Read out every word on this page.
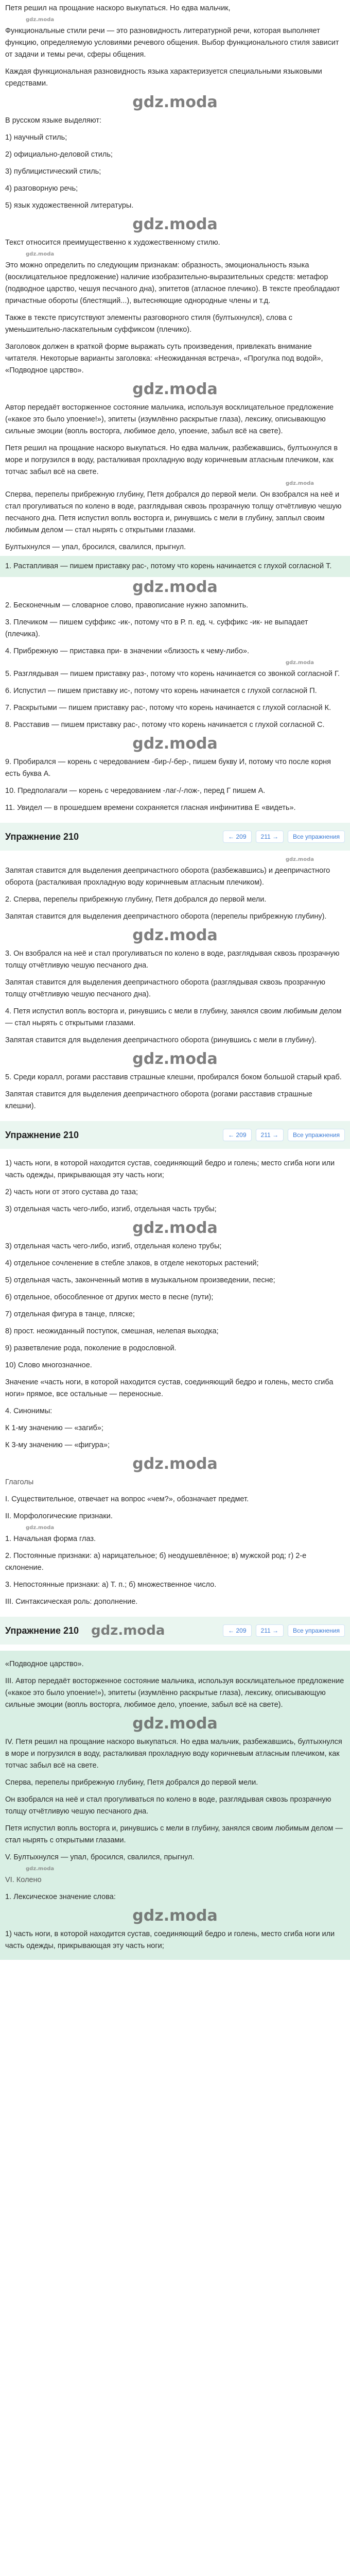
Петя решил на прощание наскоро выкупаться. Но едва мальчик,

gdz.moda

Функциональные стили речи — это разновидность литературной речи, которая выполняет функцию, определяемую условиями речевого общения. Выбор функционального стиля зависит от задачи и темы речи, сферы общения.

Каждая функциональная разновидность языка характеризуется специальными языковыми средствами.

gdz.moda

В русском языке выделяют:

1) научный стиль;

2) официально-деловой стиль;

3) публицистический стиль;

4) разговорную речь;

5) язык художественной литературы.

gdz.moda

Текст относится преимущественно к художественному стилю.

gdz.moda

Это можно определить по следующим признакам: образность, эмоциональность языка (восклицательное предложение) наличие изобразительно-выразительных средств: метафор (подводное царство, чешуя песчаного дна), эпитетов (атласное плечико). В тексте преобладают причастные обороты (блестящий...), вытесняющие однородные члены и т.д.

Также в тексте присутствуют элементы разговорного стиля (бултыхнулся), слова с уменьшительно-ласкательным суффиксом (плечико).

Заголовок должен в краткой форме выражать суть произведения, привлекать внимание читателя. Некоторые варианты заголовка: «Неожиданная встреча», «Прогулка под водой», «Подводное царство».

gdz.moda

Автор передаёт восторженное состояние мальчика, используя восклицательное предложение («какое это было упоение!»), эпитеты (изумлённо раскрытые глаза), лексику, описывающую сильные эмоции (вопль восторга, любимое дело, упоение, забыл всё на свете).

Петя решил на прощание наскоро выкупаться. Но едва мальчик, разбежавшись, бултыхнулся в море и погрузился в воду, расталкивая прохладную воду коричневым атласным плечиком, как тотчас забыл всё на свете.

gdz.moda

Сперва, перепелы прибрежную глубину, Петя добрался до первой мели. Он взобрался на неё и стал прогуливаться по колено в воде, разглядывая сквозь прозрачную толщу отчётливую чешую песчаного дна. Петя испустил вопль восторга и, ринувшись с мели в глубину, заплыл своим любимым делом — стал нырять с открытыми глазами.

Бултыхнулся — упал, бросился, свалился, прыгнул.

1. Растапливая — пишем приставку рас-, потому что корень начинается с глухой согласной Т.

gdz.moda

2. Бесконечным — словарное слово, правописание нужно запомнить.

3. Плечиком — пишем суффикс -ик-, потому что в Р. п. ед. ч. суффикс -ик- не выпадает (плечика).

4. Прибрежную — приставка при- в значении «близость к чему-либо».

gdz.moda

5. Разглядывая — пишем приставку раз-, потому что корень начинается со звонкой согласной Г.

6. Испустил — пишем приставку ис-, потому что корень начинается с глухой согласной П.

7. Раскрытыми — пишем приставку рас-, потому что корень начинается с глухой согласной К.

8. Расставив — пишем приставку рас-, потому что корень начинается с глухой согласной С.

gdz.moda

9. Пробирался — корень с чередованием -бир-/-бер-, пишем букву И, потому что после корня есть буква А.

10. Предполагали — корень с чередованием -лаг-/-лож-, перед Г пишем А.

11. Увидел — в прошедшем времени сохраняется гласная инфинитива Е «видеть».

Упражнение 210	← 209	211 →	Все упражнения
gdz.moda

Запятая ставится для выделения деепричастного оборота (разбежавшись) и деепричастного оборота (расталкивая прохладную воду коричневым атласным плечиком).

2. Сперва, перепелы прибрежную глубину, Петя добрался до первой мели.

Запятая ставится для выделения деепричастного оборота (перепелы прибрежную глубину).

gdz.moda

3. Он взобрался на неё и стал прогуливаться по колено в воде, разглядывая сквозь прозрачную толщу отчётливую чешую песчаного дна.

Запятая ставится для выделения деепричастного оборота (разглядывая сквозь прозрачную толщу отчётливую чешую песчаного дна).

4. Петя испустил вопль восторга и, ринувшись с мели в глубину, занялся своим любимым делом — стал нырять с открытыми глазами.

Запятая ставится для выделения деепричастного оборота (ринувшись с мели в глубину).

gdz.moda

5. Среди коралл, рогами расставив страшные клешни, пробирался боком большой старый краб.

Запятая ставится для выделения деепричастного оборота (рогами расставив страшные клешни).

Упражнение 210	← 209	211 →	Все упражнения

1) часть ноги, в которой находится сустав, соединяющий бедро и голень; место сгиба ноги или часть одежды, прикрывающая эту часть ноги;

2) часть ноги от этого сустава до таза;

3) отдельная часть чего-либо, изгиб, отдельная часть трубы;

gdz.moda

3) отдельная часть чего-либо, изгиб, отдельная колено трубы;

4) отдельное сочленение в стебле злаков, в отделе некоторых растений;

5) отдельная часть, законченный мотив в музыкальном произведении, песне;

6) отдельное, обособленное от других место в песне (пути);

7) отдельная фигура в танце, пляске;

8) прост. неожиданный поступок, смешная, нелепая выходка;

9) разветвление рода, поколение в родословной.

10) Слово многозначное.

Значение «часть ноги, в которой находится сустав, соединяющий бедро и голень, место сгиба ноги» прямое, все остальные — переносные.

4. Синонимы:

К 1-му значению — «загиб»;

К 3-му значению — «фигура»;

gdz.moda

Глаголы

I. Существительное, отвечает на вопрос «чем?», обозначает предмет.

II. Морфологические признаки.

gdz.moda

1. Начальная форма глаз.

2. Постоянные признаки: а) нарицательное; б) неодушевлённое; в) мужской род; г) 2-е склонение.

3. Непостоянные признаки: а) Т. п.; б) множественное число.

III. Синтаксическая роль: дополнение.

Упражнение 210 gdz.moda	← 209	211 →	Все упражнения

«Подводное царство».

III. Автор передаёт восторженное состояние мальчика, используя восклицательное предложение («какое это было упоение!»), эпитеты (изумлённо раскрытые глаза), лексику, описывающую сильные эмоции (вопль восторга, любимое дело, упоение, забыл всё на свете).

gdz.moda

IV. Петя решил на прощание наскоро выкупаться. Но едва мальчик, разбежавшись, бултыхнулся в море и погрузился в воду, расталкивая прохладную воду коричневым атласным плечиком, как тотчас забыл всё на свете.

Сперва, перепелы прибрежную глубину, Петя добрался до первой мели.

Он взобрался на неё и стал прогуливаться по колено в воде, разглядывая сквозь прозрачную толщу отчётливую чешую песчаного дна.

Петя испустил вопль восторга и, ринувшись с мели в глубину, занялся своим любимым делом — стал нырять с открытыми глазами.

V. Бултыхнулся — упал, бросился, свалился, прыгнул.

gdz.moda

VI. Колено

1. Лексическое значение слова:

gdz.moda

1) часть ноги, в которой находится сустав, соединяющий бедро и голень, место сгиба ноги или часть одежды, прикрывающая эту часть ноги;
